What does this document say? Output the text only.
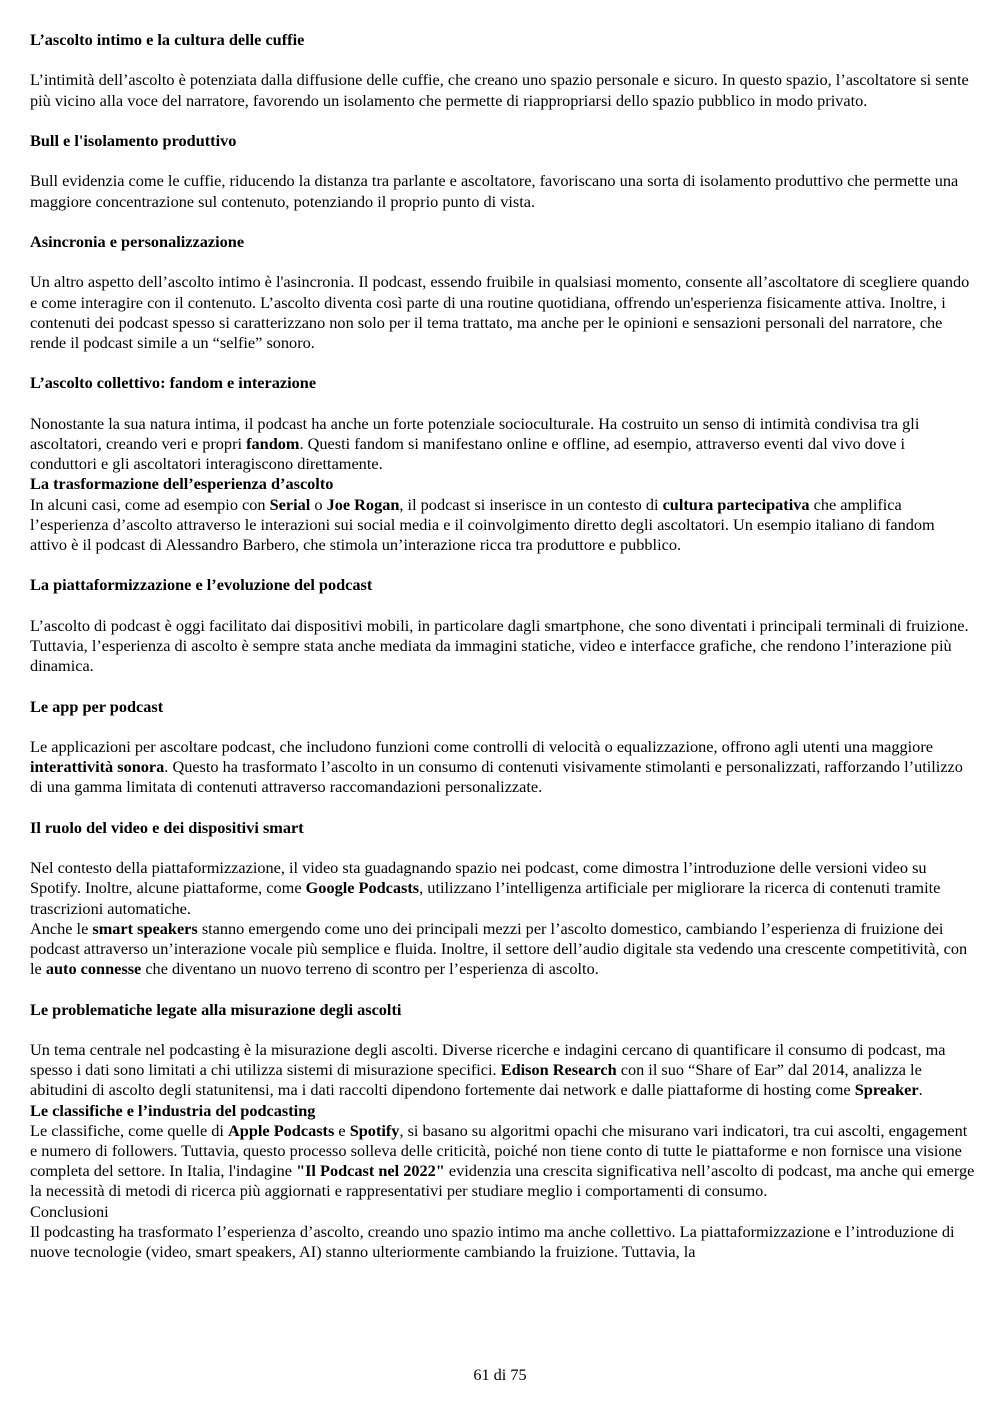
L’ascolto intimo e la cultura delle cuffie

L’intimità dell’ascolto è potenziata dalla diffusione delle cuffie, che creano uno spazio personale e sicuro. In questo spazio, l’ascoltatore si sente più vicino alla voce del narratore, favorendo un isolamento che permette di riappropriarsi dello spazio pubblico in modo privato.

Bull e l'isolamento produttivo

Bull evidenzia come le cuffie, riducendo la distanza tra parlante e ascoltatore, favoriscano una sorta di isolamento produttivo che permette una maggiore concentrazione sul contenuto, potenziando il proprio punto di vista.

Asincronia e personalizzazione

Un altro aspetto dell’ascolto intimo è l'asincronia. Il podcast, essendo fruibile in qualsiasi momento, consente all’ascoltatore di scegliere quando e come interagire con il contenuto. L’ascolto diventa così parte di una routine quotidiana, offrendo un'esperienza fisicamente attiva. Inoltre, i contenuti dei podcast spesso si caratterizzano non solo per il tema trattato, ma anche per le opinioni e sensazioni personali del narratore, che rende il podcast simile a un “selfie” sonoro.

L’ascolto collettivo: fandom e interazione

Nonostante la sua natura intima, il podcast ha anche un forte potenziale socioculturale. Ha costruito un senso di intimità condivisa tra gli ascoltatori, creando veri e propri fandom. Questi fandom si manifestano online e offline, ad esempio, attraverso eventi dal vivo dove i conduttori e gli ascoltatori interagiscono direttamente.

La trasformazione dell’esperienza d’ascolto

In alcuni casi, come ad esempio con Serial o Joe Rogan, il podcast si inserisce in un contesto di cultura partecipativa che amplifica l’esperienza d’ascolto attraverso le interazioni sui social media e il coinvolgimento diretto degli ascoltatori. Un esempio italiano di fandom attivo è il podcast di Alessandro Barbero, che stimola un’interazione ricca tra produttore e pubblico.

La piattaformizzazione e l’evoluzione del podcast

L’ascolto di podcast è oggi facilitato dai dispositivi mobili, in particolare dagli smartphone, che sono diventati i principali terminali di fruizione. Tuttavia, l’esperienza di ascolto è sempre stata anche mediata da immagini statiche, video e interfacce grafiche, che rendono l’interazione più dinamica.

Le app per podcast

Le applicazioni per ascoltare podcast, che includono funzioni come controlli di velocità o equalizzazione, offrono agli utenti una maggiore interattività sonora. Questo ha trasformato l’ascolto in un consumo di contenuti visivamente stimolanti e personalizzati, rafforzando l’utilizzo di una gamma limitata di contenuti attraverso raccomandazioni personalizzate.

Il ruolo del video e dei dispositivi smart

Nel contesto della piattaformizzazione, il video sta guadagnando spazio nei podcast, come dimostra l’introduzione delle versioni video su Spotify. Inoltre, alcune piattaforme, come Google Podcasts, utilizzano l’intelligenza artificiale per migliorare la ricerca di contenuti tramite trascrizioni automatiche.

Anche le smart speakers stanno emergendo come uno dei principali mezzi per l’ascolto domestico, cambiando l’esperienza di fruizione dei podcast attraverso un’interazione vocale più semplice e fluida. Inoltre, il settore dell’audio digitale sta vedendo una crescente competitività, con le auto connesse che diventano un nuovo terreno di scontro per l’esperienza di ascolto.

Le problematiche legate alla misurazione degli ascolti

Un tema centrale nel podcasting è la misurazione degli ascolti. Diverse ricerche e indagini cercano di quantificare il consumo di podcast, ma spesso i dati sono limitati a chi utilizza sistemi di misurazione specifici. Edison Research con il suo “Share of Ear” dal 2014, analizza le abitudini di ascolto degli statunitensi, ma i dati raccolti dipendono fortemente dai network e dalle piattaforme di hosting come Spreaker.

Le classifiche e l’industria del podcasting

Le classifiche, come quelle di Apple Podcasts e Spotify, si basano su algoritmi opachi che misurano vari indicatori, tra cui ascolti, engagement e numero di followers. Tuttavia, questo processo solleva delle criticità, poiché non tiene conto di tutte le piattaforme e non fornisce una visione completa del settore. In Italia, l'indagine "Il Podcast nel 2022" evidenzia una crescita significativa nell’ascolto di podcast, ma anche qui emerge la necessità di metodi di ricerca più aggiornati e rappresentativi per studiare meglio i comportamenti di consumo.

Conclusioni

Il podcasting ha trasformato l’esperienza d’ascolto, creando uno spazio intimo ma anche collettivo. La piattaformizzazione e l’introduzione di nuove tecnologie (video, smart speakers, AI) stanno ulteriormente cambiando la fruizione. Tuttavia, la

61 di 75
